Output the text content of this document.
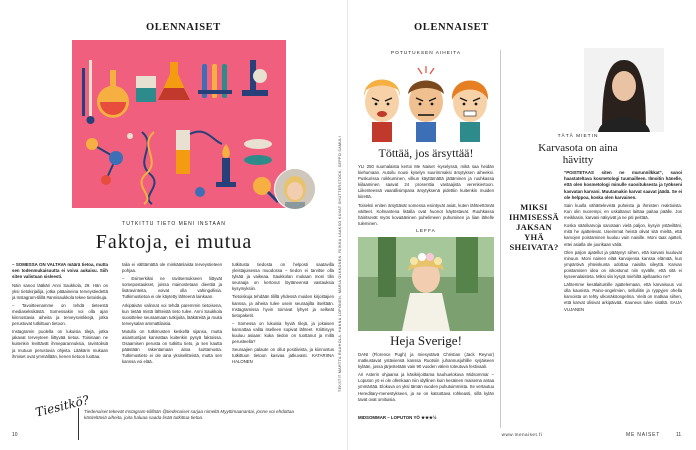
OLENNAISET
TUTKITTU TIETO MENI INSTAAN
Faktoja, ei mutua

– SOMESSA ON VALTAVA määrä tietoa, mutta sen todenmukaisuutta ei voiva aukaisu. Siih siten valistuan sisleesti.

Näin sanoo lääkäri Anni Saukkola, 29. Hän on yksi tietokirjailija, jotka pääaineina terveystiedettä ja Instagram-tilillä #annisaukkola tekee tietoiskuja.

– Tavoitteenamme on tehdä tieteestä mediaseksikästä. Somessakin voi olla ajan kiinnostavia aiheita ja terveysvinkkejä, jotka perustuvat tutkittuun tietoon.

Instagramin puolella on lukuisia tilejä, jotka jakavat terveyteen liittyvää tietoa. Toisinaan ne kuitenkin levittävät ihmeparannuksia, ravintolisiä ja mutuun perustuvia ohjeita. Lääkärin mukaan ihmiset ovat ymmällään, kenen tietoon luottaa.

talia ei välttämättä ole minkäänlaista terveystieteen pohjaa.

– Esimerkiksi ne ravitsemukseen liittyvät somepostaukset, joissa mainostetaan dieettiä ja lisäravinteita, voivat olla vahingollisia. Tutkimustietoa ei ole käytetty lähteenä lainkaan.

Arkipäivän valinnat voi tehdä paremmin tietoisena, kun tietää mistä lähteistä tieto tulee. Anni Saukkola suosittelee seuraamaan tutkijoita, lääkäreitä ja muita terveysalan ammattilaisia.

Mutulla on tutkimusten keskellä sijansa, mutta asiantuntijan kannattaa kuitenkin pysyä faktoissa. Osaamisen perusta on tutkittu tieto, ja sen kautta päästään rakentamaan aitoa luottamusta. Tutkimustieto ei ole aina yksiselitteistä, mutta sen kanssa voi elää.

tutkitusta tiedosta on helposti saatavilla yleistajuisessa muodossa – tiedon ei tarvitse olla tylsää ja vaikeaa. Saukkolan mukaan moni tilin seuraaja on kertonut löytäneensä vastauksia kysymyksiin.

Tietoiskuja tehdään tilillä yhdessä muiden kirjoittajien kanssa, ja aiheita tulee usein seuraajilta itseltään. Instagramissa hyvin toimivat lyhyet ja selkeät tietopaketit.

– Somessa on lukuisia hyviä tilejä, ja jokaisen kannattaa valita itselleen sopivat lähteet. Kriittisyys kuuluu asiaan: kuka tiedon on tuottanut ja millä perusteella?

Seuraajien palaute on ollut positiivista, ja kiinnostus tutkittuun tietoon kasvaa jatkuvasti. KATARIINA HALONEN

Tiesitkö?
Tiedenaiset tekevät Instagram-tilillään @tiedenaiset sarjaa nimeltä Myyttimaanantai, jonne voi ehdottaa käsiteltäviä aiheita, joita haluaa saada lisää tutkittua tietoa.
10
TEKSTIT MARTTA RAUHOLA, HANNA LOPONEN, MARIA OLKKONEN, RIIKKA LAAKSO KUVAT SHUTTERSTOCK, SEPPO SAMULI
OLENNAISET
POTUTUKSEN AIHEITA
Töttää, jos ärsyttää!

YLI 250 suomalaista kertoi Me Naiset -kyselyssä, mikä saa heidän kiehumaan. Autoilu nousi kyselyn suurimmaksi ärsytyksen aiheeksi. Puskurissa roikkuminen, vilkun käyttämättä jättäminen ja ruuhkassa kiilaaminen saavat 24 prosenttia vastaajista verenkiertoon. Liikenteessä vaarallisimpana ärsytyksenä pidettiin kuitenkin muiden kiirettä.

Toiseksi eniten ärsyttävät somessa esiintyvät asiat, kuten lähteettömät väitteet. Kolmantena listalla ovat huonot käytöstavat. Ruuhkassa häiritsevät myös kovaääninen puhelimeen puhuminen ja liian lähelle tuleminen.

LEFFA
Heja Sverige!

DANI (Florence Pugh) ja miesystävä Christian (Jack Reynor) matkustavat ystäviensä kanssa Ruotsiin juhannusjuhlille syrjäiseen kylään, jossa järjestetään vain 90 vuoden välein toteutuva festivaali.

Ari Asterin ohjaama ja käsikirjoittama kauhuelokuva Midsommar – Loputon yö ei ole ollenkaan niin idyllinen kuin kesäinen maisema antaa ymmärtää. Elokuva on yksi tämän vuoden puhutuimmista. Se vertautuu Hereditary-menestykseen, ja se on katsottava rohkeasti, sillä kylän tavat ovat omituisia.

MIDSOMMAR – LOPUTON YÖ ★★★½
TÄTÄ MIETIN
Karvasota on aina hävitty
MIKSI IHMISESSÄ JAKSAN YHÄ SHEIVATA?

”POISTETAAS siten ne murunnilkkat”, sanoi haastateltava kosmetologi tuumailleen. Ilmoitin hänelle, että olen kosmetologi minulle suosituksesta ja työkseni kasvatan karvani. Muutamakin karvat saavat jäädä. Se ei ole helppoa, koska olen karvainen.

Sain kuulla vähättelevistä puheista ja ihmisten reaktioista. Kun olin nuorempi, en uskaltanut laittaa paitaa päälle. Jos meikkasin, karvani näkyivät ja ne piti peittää.

Koska säärikarvoja sanotaan vielä paljon, kysyin ystäviltäni, mitä he ajattelevat. Useimmat heistä olivat sitä mieltä, että karvojen poistaminen kuuluu vain naisille. Moni taas ajatteli, ettei asialla ole juurikaan väliä.

Olen paljon ajatellut ja päätynyt siihen, että karvani kuuluvat minuun. Moni nainen elää karvojensa kanssa elämää, kun ympäröivä yhteiskunta odottaa naisilta sileyttä. Karvan poistamisen idea on iskostunut niin syvälle, että sitä ei kyseenalaisteta. Miksi siis kysyä miehiltä ajellaanko ne?

Lähtemme kesälaitumille ajattelemaan, että karvaisuus voi olla kaunista. Paino-ongelmien, selluliitin ja ryppyjen ohella karvoista on tehty ulkonäköongelma. Vielä on matkaa siihen, että karvat olisivat arkipäivää. Kauneus tulee sisältä. SAIJA VUJANEN

www.menaiset.fi	ME NAISET	11
